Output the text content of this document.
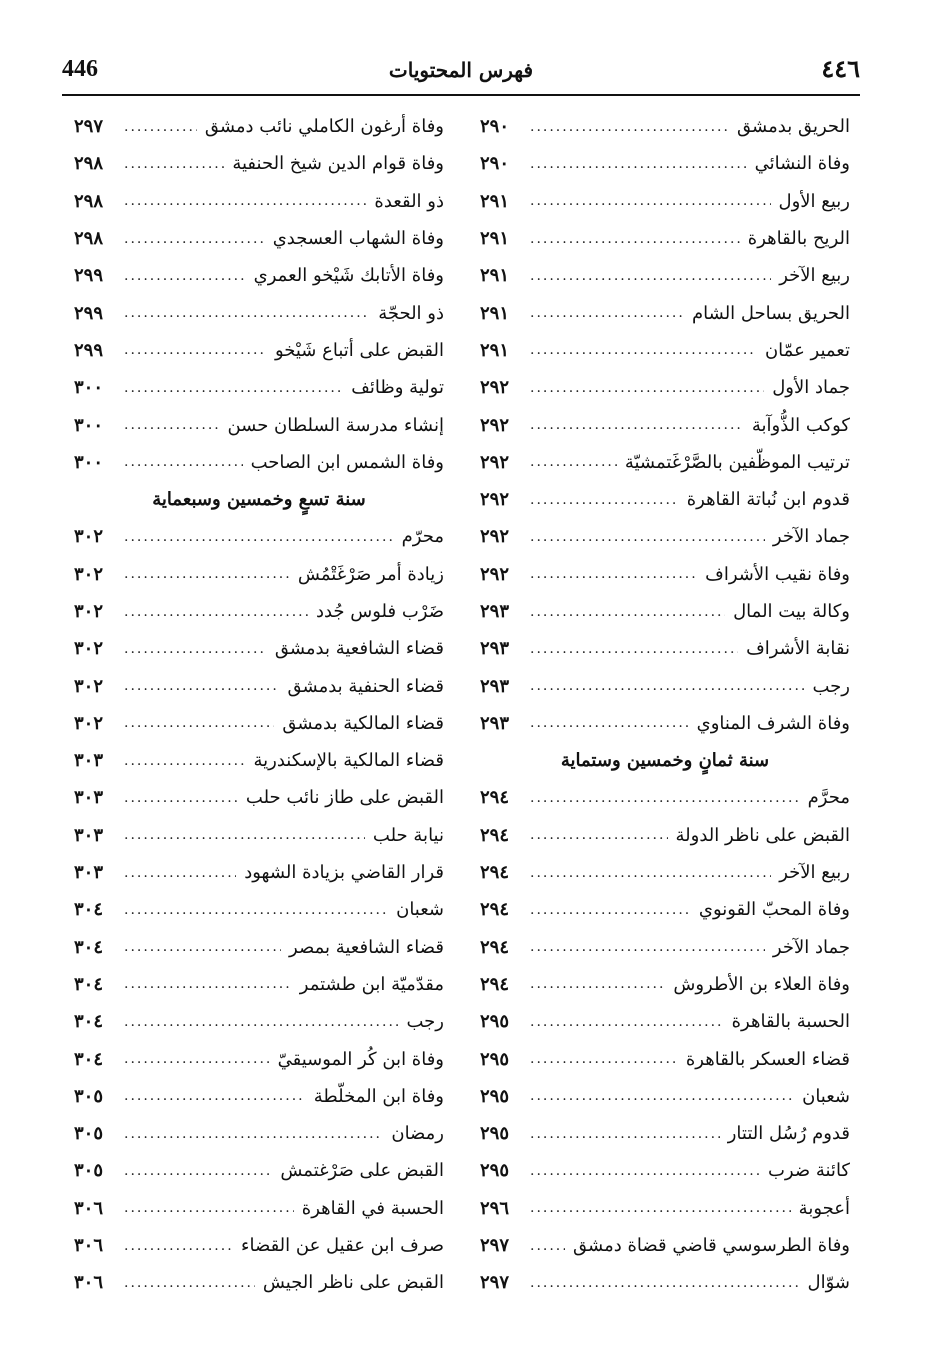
446	فهرس المحتويات	٤٤٦
الحريق بدمشق
.....
٢٩٠
وفاة النشائي
.....
٢٩٠
ربيع الأول
.....
٢٩١
الريح بالقاهرة
.....
٢٩١
ربيع الآخر
.....
٢٩١
الحريق بساحل الشام
.....
٢٩١
تعمير عمّان
.....
٢٩١
جماد الأول
.....
٢٩٢
كوكب الذُّوآبة
.....
٢٩٢
ترتيب الموظّفين بالصَّرْغَتمشيّة
.....
٢٩٢
قدوم ابن نُباتة القاهرة
.....
٢٩٢
جماد الآخر
.....
٢٩٢
وفاة نقيب الأشراف
.....
٢٩٢
وكالة بيت المال
.....
٢٩٣
نقابة الأشراف
.....
٢٩٣
رجب
.....
٢٩٣
وفاة الشرف المناوي
.....
٢٩٣
سنة ثمانٍ وخمسين وستماية
محرَّم
.....
٢٩٤
القبض على ناظر الدولة
.....
٢٩٤
ربيع الآخر
.....
٢٩٤
وفاة المحبّ القونوي
.....
٢٩٤
جماد الآخر
.....
٢٩٤
وفاة العلاء بن الأطروش
.....
٢٩٤
الحسبة بالقاهرة
.....
٢٩٥
قضاء العسكر بالقاهرة
.....
٢٩٥
شعبان
.....
٢٩٥
قدوم رُسُل التتار
.....
٢٩٥
كائنة ضرب
.....
٢٩٥
أعجوبة
.....
٢٩٦
وفاة الطرسوسي قاضي قضاة دمشق
.....
٢٩٧
شوّال
.....
٢٩٧
وفاة أرغون الكاملي نائب دمشق
.....
٢٩٧
وفاة قوام الدين شيخ الحنفية
.....
٢٩٨
ذو القعدة
.....
٢٩٨
وفاة الشهاب العسجدي
.....
٢٩٨
وفاة الأتابك شَيْخو العمري
.....
٢٩٩
ذو الحجّة
.....
٢٩٩
القبض على أتباع شَيْخو
.....
٢٩٩
تولية وظائف
.....
٣٠٠
إنشاء مدرسة السلطان حسن
.....
٣٠٠
وفاة الشمس ابن الصاحب
.....
٣٠٠
سنة تسعٍ وخمسين وسبعماية
محرّم
.....
٣٠٢
زيادة أمر صَرْغَتْمُش
.....
٣٠٢
ضَرْب فلوس جُدد
.....
٣٠٢
قضاء الشافعية بدمشق
.....
٣٠٢
قضاء الحنفية بدمشق
.....
٣٠٢
قضاء المالكية بدمشق
.....
٣٠٢
قضاء المالكية بالإسكندرية
.....
٣٠٣
القبض على طاز نائب حلب
.....
٣٠٣
نيابة حلب
.....
٣٠٣
قرار القاضي بزيادة الشهود
.....
٣٠٣
شعبان
.....
٣٠٤
قضاء الشافعية بمصر
.....
٣٠٤
مقدّميّة ابن طشتمر
.....
٣٠٤
رجب
.....
٣٠٤
وفاة ابن كُر الموسيقيّ
.....
٣٠٤
وفاة ابن المخلّطة
.....
٣٠٥
رمضان
.....
٣٠٥
القبض على صَرْغتمش
.....
٣٠٥
الحسبة في القاهرة
.....
٣٠٦
صرف ابن عقيل عن القضاء
.....
٣٠٦
القبض على ناظر الجيش
.....
٣٠٦
